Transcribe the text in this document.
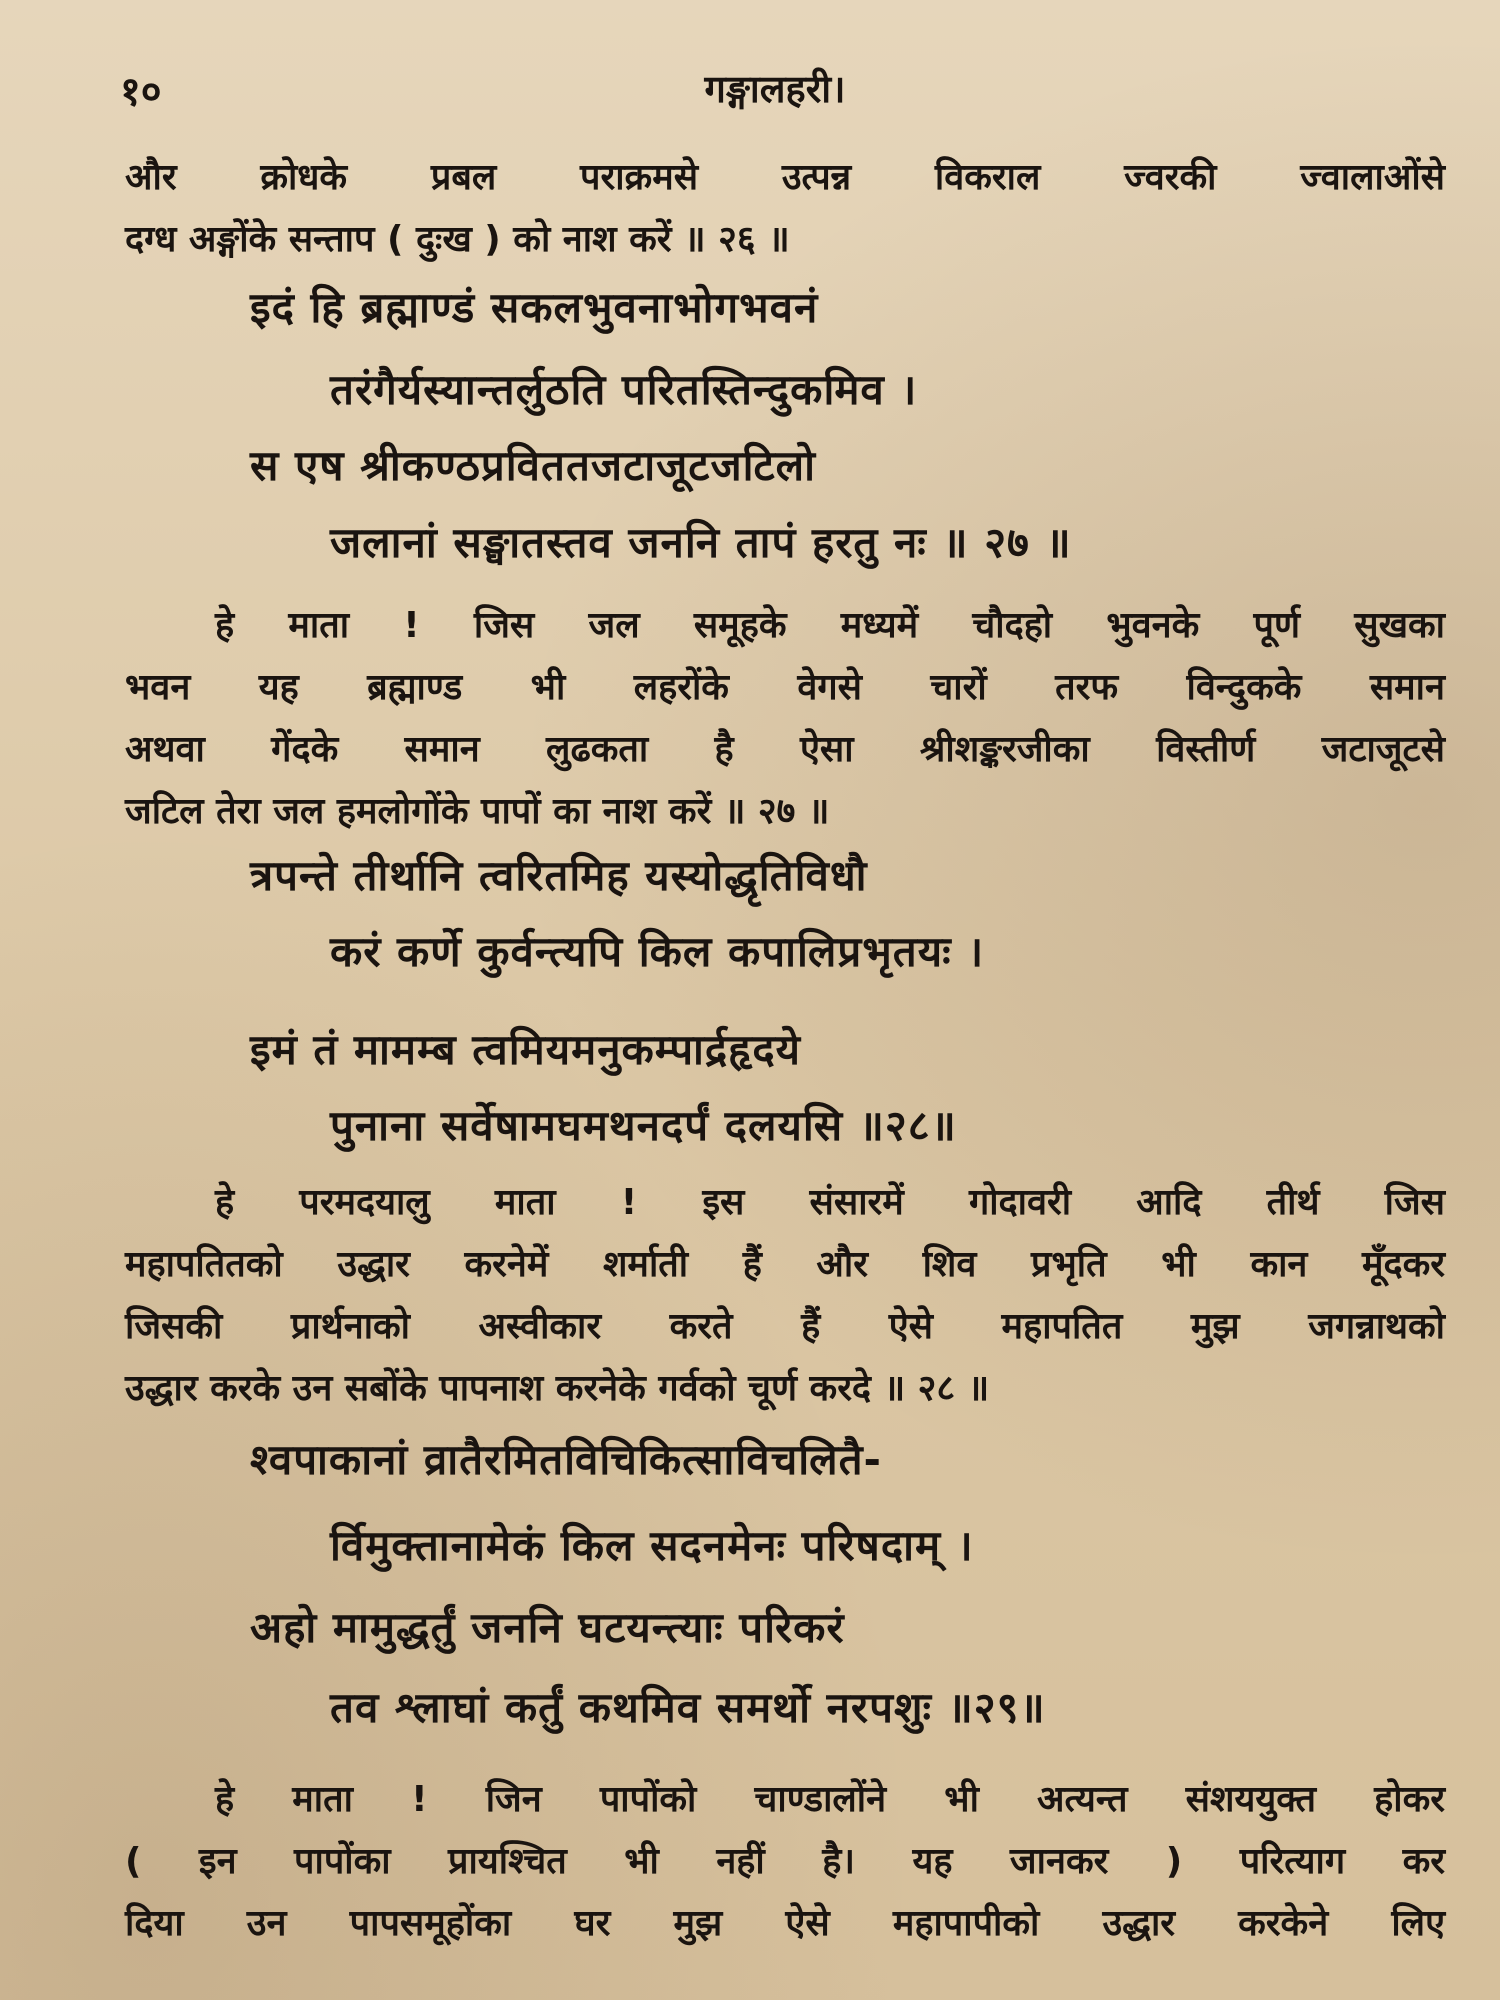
१०	गङ्गालहरी।
और क्रोधके प्रबल पराक्रमसे उत्पन्न विकराल ज्वरकी ज्वालाओंसे
दग्ध अङ्गोंके सन्ताप ( दुःख ) को नाश करें ॥ २६ ॥
इदं हि ब्रह्माण्डं सकलभुवनाभोगभवनं
तरंगैर्यस्यान्तर्लुठति परितस्तिन्दुकमिव ।
स एष श्रीकण्ठप्रविततजटाजूटजटिलो
जलानां सङ्घातस्तव जननि तापं हरतु नः ॥ २७ ॥
हे माता ! जिस जल समूहके मध्यमें चौदहो भुवनके पूर्ण सुखका
भवन यह ब्रह्माण्ड भी लहरोंके वेगसे चारों तरफ विन्दुकके समान
अथवा गेंदके समान लुढकता है ऐसा श्रीशङ्करजीका विस्तीर्ण जटाजूटसे
जटिल तेरा जल हमलोगोंके पापों का नाश करें ॥ २७ ॥
त्रपन्ते तीर्थानि त्वरितमिह यस्योद्धृतिविधौ
करं कर्णे कुर्वन्त्यपि किल कपालिप्रभृतयः ।
इमं तं मामम्ब त्वमियमनुकम्पार्द्रहृदये
पुनाना सर्वेषामघमथनदर्पं दलयसि ॥२८॥
हे परमदयालु माता ! इस संसारमें गोदावरी आदि तीर्थ जिस
महापतितको उद्धार करनेमें शर्माती हैं और शिव प्रभृति भी कान मूँदकर
जिसकी प्रार्थनाको अस्वीकार करते हैं ऐसे महापतित मुझ जगन्नाथको
उद्धार करके उन सबोंके पापनाश करनेके गर्वको चूर्ण करदे ॥ २८ ॥
श्वपाकानां व्रातैरमितविचिकित्साविचलितै-
र्विमुक्तानामेकं किल सदनमेनः परिषदाम् ।
अहो मामुद्धर्तुं जननि घटयन्त्याः परिकरं
तव श्लाघां कर्तुं कथमिव समर्थो नरपशुः ॥२९॥
हे माता ! जिन पापोंको चाण्डालोंने भी अत्यन्त संशययुक्त होकर
( इन पापोंका प्रायश्चित भी नहीं है। यह जानकर ) परित्याग कर
दिया उन पापसमूहोंका घर मुझ ऐसे महापापीको उद्धार करकेने लिए
